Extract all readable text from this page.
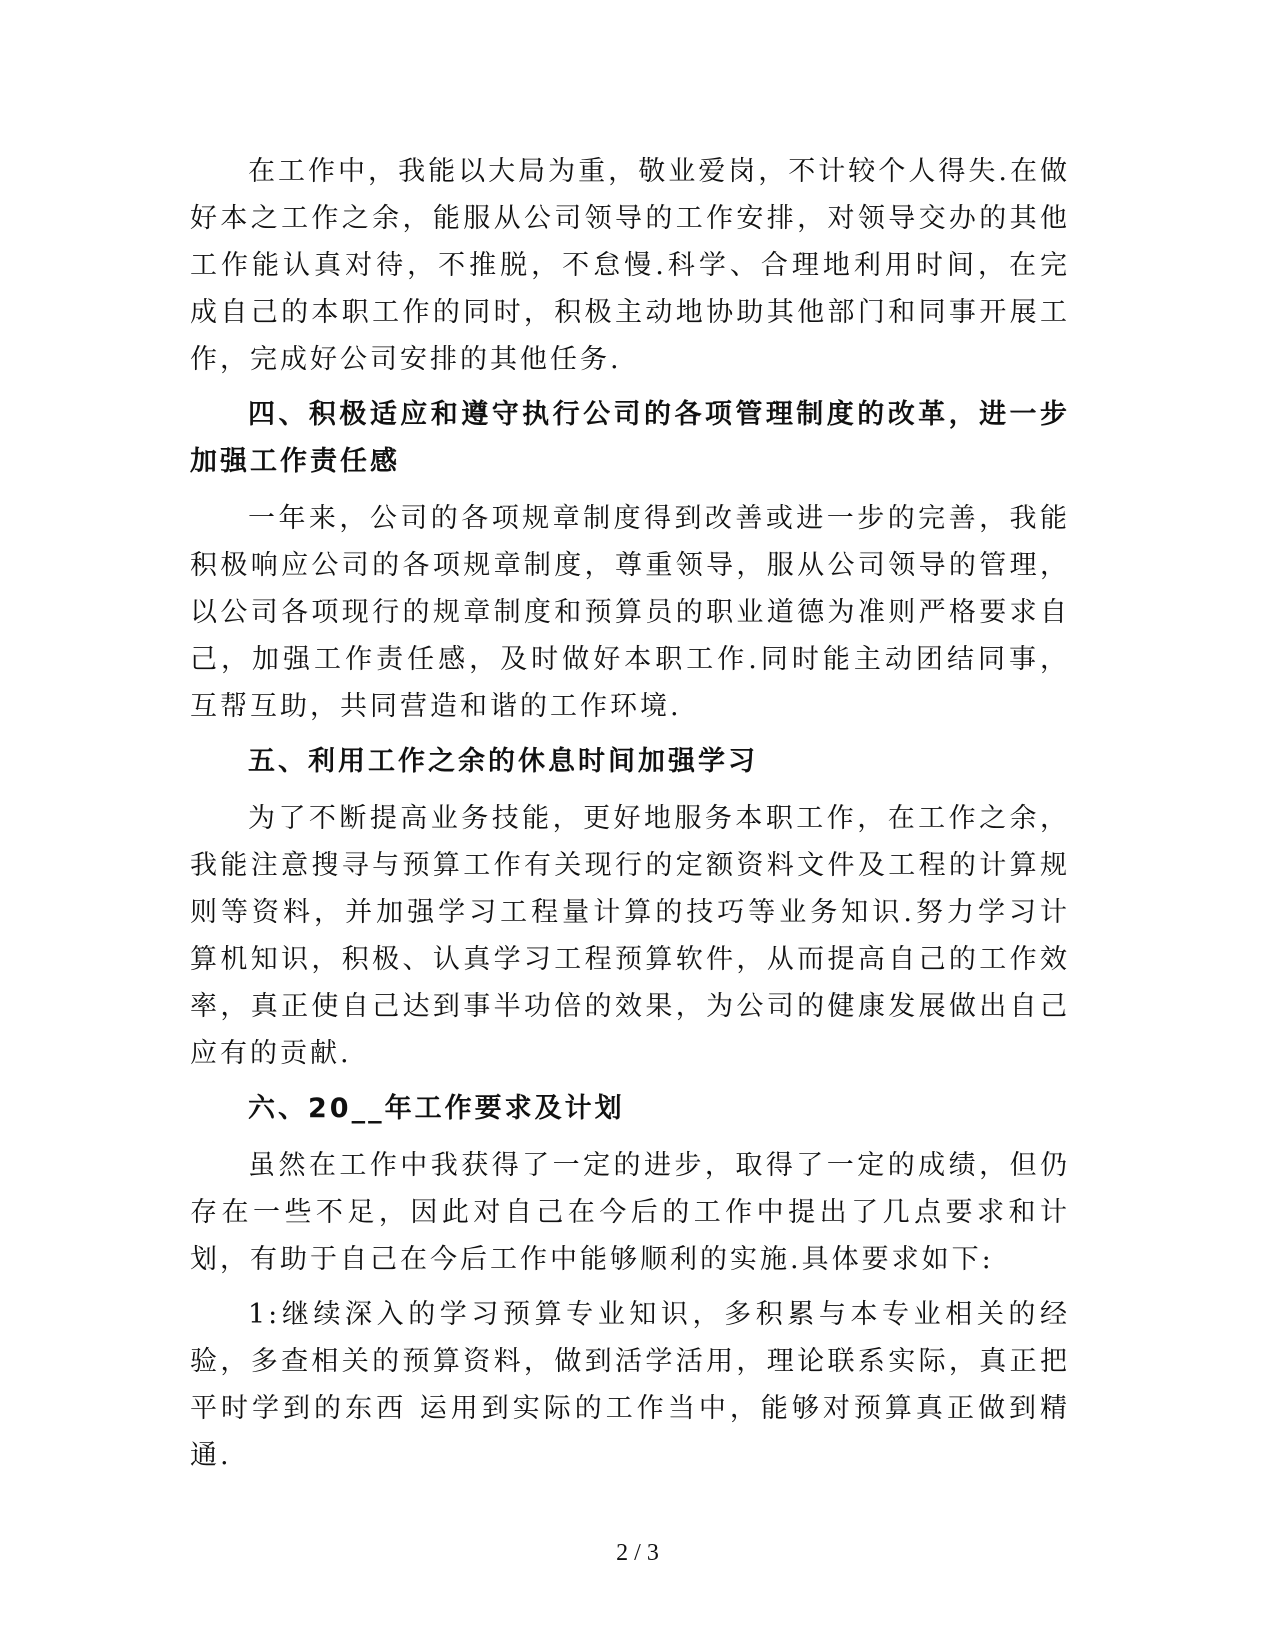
在工作中，我能以大局为重，敬业爱岗，不计较个人得失.在做好本之工作之余，能服从公司领导的工作安排，对领导交办的其他工作能认真对待，不推脱，不怠慢.科学、合理地利用时间，在完成自己的本职工作的同时，积极主动地协助其他部门和同事开展工作，完成好公司安排的其他任务.

四、积极适应和遵守执行公司的各项管理制度的改革，进一步加强工作责任感

一年来，公司的各项规章制度得到改善或进一步的完善，我能积极响应公司的各项规章制度，尊重领导，服从公司领导的管理，以公司各项现行的规章制度和预算员的职业道德为准则严格要求自己，加强工作责任感，及时做好本职工作.同时能主动团结同事，互帮互助，共同营造和谐的工作环境.

五、利用工作之余的休息时间加强学习

为了不断提高业务技能，更好地服务本职工作，在工作之余，我能注意搜寻与预算工作有关现行的定额资料文件及工程的计算规则等资料，并加强学习工程量计算的技巧等业务知识.努力学习计算机知识，积极、认真学习工程预算软件，从而提高自己的工作效率，真正使自己达到事半功倍的效果，为公司的健康发展做出自己应有的贡献.

六、20__年工作要求及计划

虽然在工作中我获得了一定的进步，取得了一定的成绩，但仍存在一些不足，因此对自己在今后的工作中提出了几点要求和计划，有助于自己在今后工作中能够顺利的实施.具体要求如下:

1:继续深入的学习预算专业知识，多积累与本专业相关的经验，多查相关的预算资料，做到活学活用，理论联系实际，真正把平时学到的东西 运用到实际的工作当中，能够对预算真正做到精通.

2 / 3
